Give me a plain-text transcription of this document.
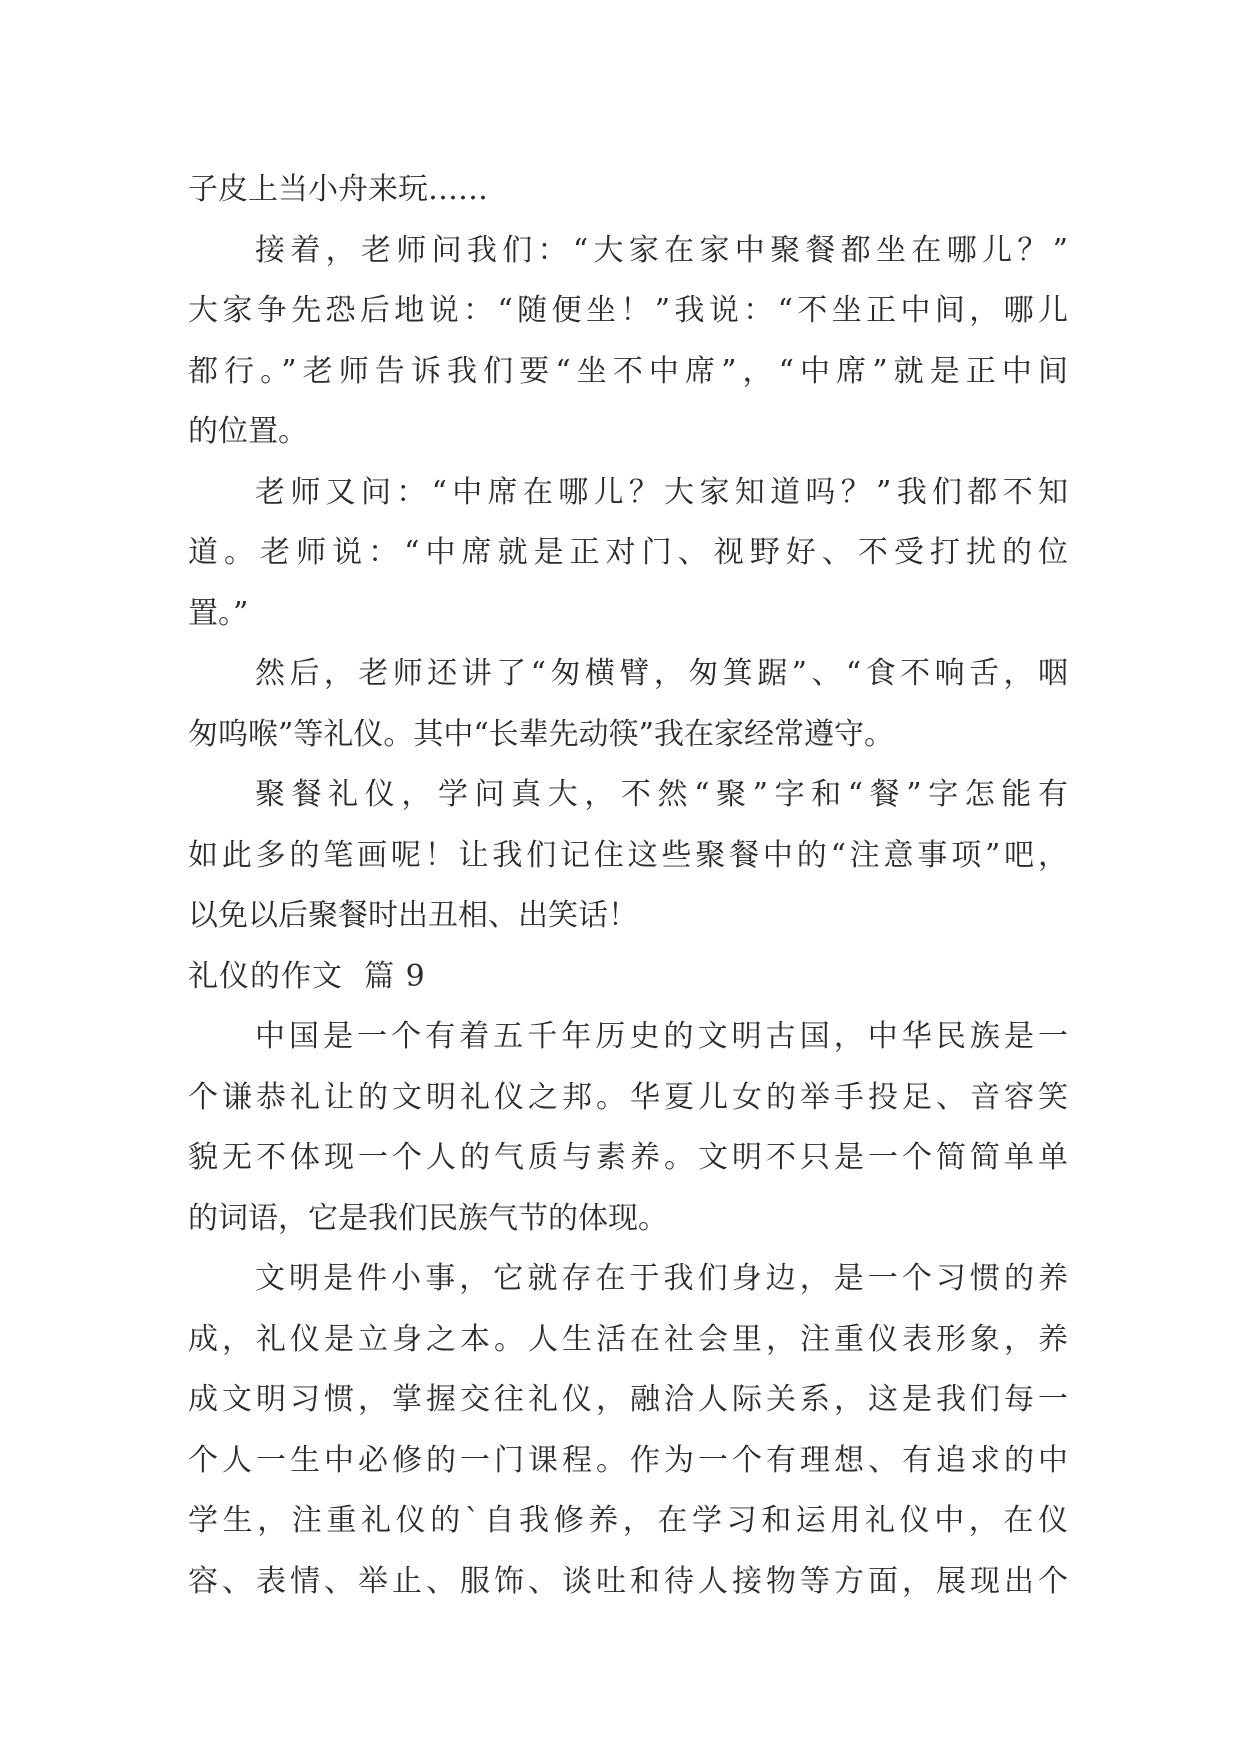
子皮上当小舟来玩……
接着，老师问我们：“大家在家中聚餐都坐在哪儿？”
大家争先恐后地说：“随便坐！”我说：“不坐正中间，哪儿
都行。”老师告诉我们要“坐不中席”，“中席”就是正中间
的位置。
老师又问：“中席在哪儿？大家知道吗？”我们都不知
道。老师说：“中席就是正对门、视野好、不受打扰的位
置。”
然后，老师还讲了“匆横臂，匆箕踞”、“食不响舌，咽
匆呜喉”等礼仪。其中“长辈先动筷”我在家经常遵守。
聚餐礼仪，学问真大，不然“聚”字和“餐”字怎能有
如此多的笔画呢！让我们记住这些聚餐中的“注意事项”吧，
以免以后聚餐时出丑相、出笑话！
礼仪的作文  篇 9
中国是一个有着五千年历史的文明古国，中华民族是一
个谦恭礼让的文明礼仪之邦。华夏儿女的举手投足、音容笑
貌无不体现一个人的气质与素养。文明不只是一个简简单单
的词语，它是我们民族气节的体现。
文明是件小事，它就存在于我们身边，是一个习惯的养
成，礼仪是立身之本。人生活在社会里，注重仪表形象，养
成文明习惯，掌握交往礼仪，融洽人际关系，这是我们每一
个人一生中必修的一门课程。作为一个有理想、有追求的中
学生，注重礼仪的`自我修养，在学习和运用礼仪中，在仪
容、表情、举止、服饰、谈吐和待人接物等方面，展现出个
